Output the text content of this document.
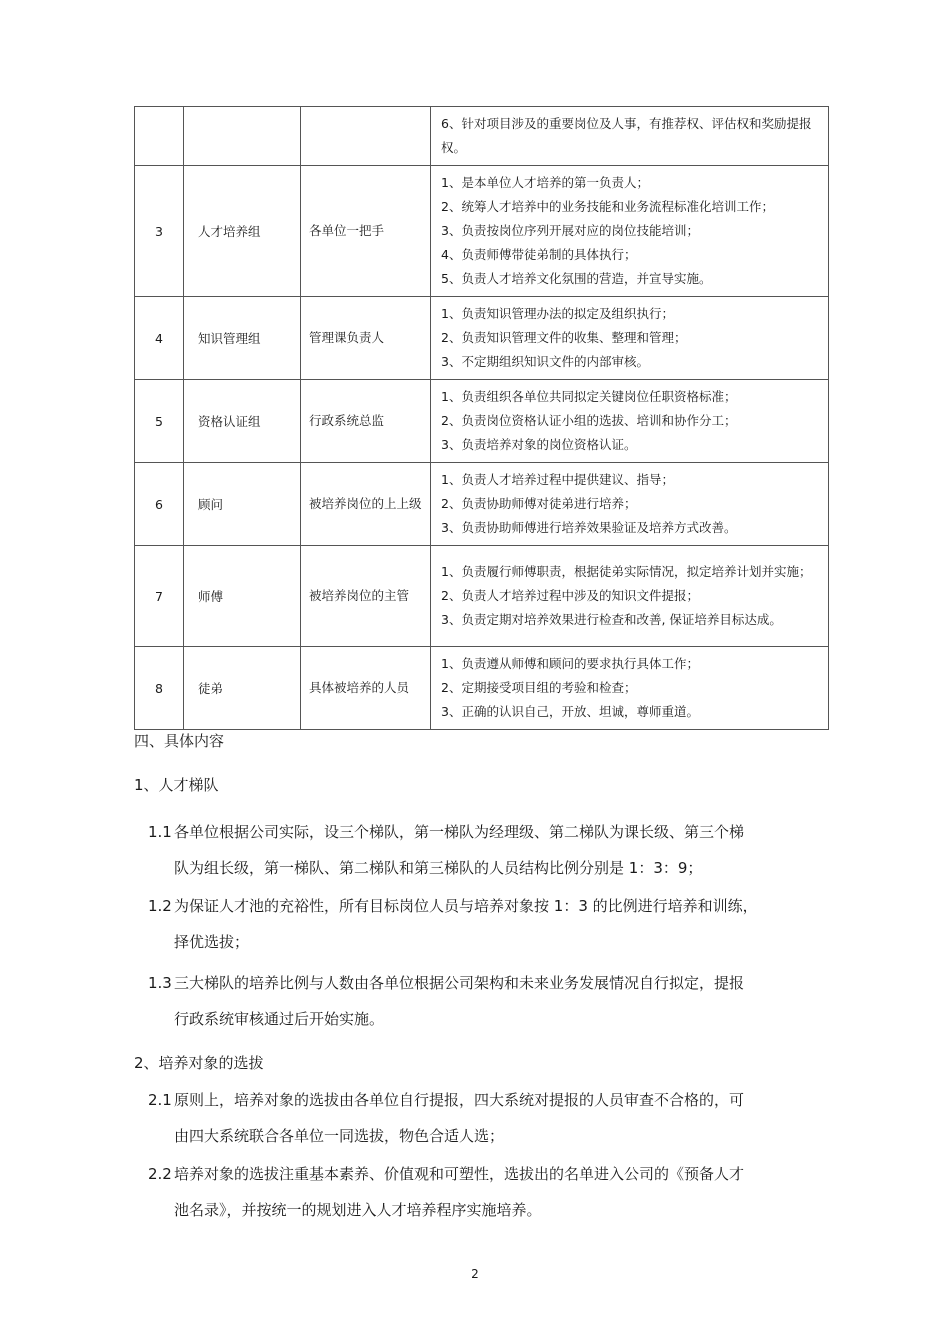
			6、针对项目涉及的重要岗位及人事，有推荐权、评估权和奖励提报权。

3	人才培养组	各单位一把手	1、是本单位人才培养的第一负责人；
2、统筹人才培养中的业务技能和业务流程标准化培训工作；
3、负责按岗位序列开展对应的岗位技能培训；
4、负责师傅带徒弟制的具体执行；
5、负责人才培养文化氛围的营造，并宣导实施。

4	知识管理组	管理课负责人	1、负责知识管理办法的拟定及组织执行；
2、负责知识管理文件的收集、整理和管理；
3、不定期组织知识文件的内部审核。

5	资格认证组	行政系统总监	1、负责组织各单位共同拟定关键岗位任职资格标准；
2、负责岗位资格认证小组的选拔、培训和协作分工；
3、负责培养对象的岗位资格认证。

6	顾问	被培养岗位的上上级	1、负责人才培养过程中提供建议、指导；
2、负责协助师傅对徒弟进行培养；
3、负责协助师傅进行培养效果验证及培养方式改善。

7	师傅	被培养岗位的主管	1、负责履行师傅职责，根据徒弟实际情况，拟定培养计划并实施；
2、负责人才培养过程中涉及的知识文件提报；
3、负责定期对培养效果进行检查和改善, 保证培养目标达成。

8	徒弟	具体被培养的人员	1、负责遵从师傅和顾问的要求执行具体工作；
2、定期接受项目组的考验和检查；
3、正确的认识自己，开放、坦诚，尊师重道。
四、具体内容
1、人才梯队
1.1 各单位根据公司实际，设三个梯队，第一梯队为经理级、第二梯队为课长级、第三个梯
队为组长级，第一梯队、第二梯队和第三梯队的人员结构比例分别是 1：3：9；
1.2 为保证人才池的充裕性，所有目标岗位人员与培养对象按 1：3 的比例进行培养和训练，
择优选拔；
1.3 三大梯队的培养比例与人数由各单位根据公司架构和未来业务发展情况自行拟定，提报
行政系统审核通过后开始实施。
2、培养对象的选拔
2.1 原则上，培养对象的选拔由各单位自行提报，四大系统对提报的人员审查不合格的，可
由四大系统联合各单位一同选拔，物色合适人选；
2.2 培养对象的选拔注重基本素养、价值观和可塑性，选拔出的名单进入公司的《预备人才
池名录》，并按统一的规划进入人才培养程序实施培养。
2
